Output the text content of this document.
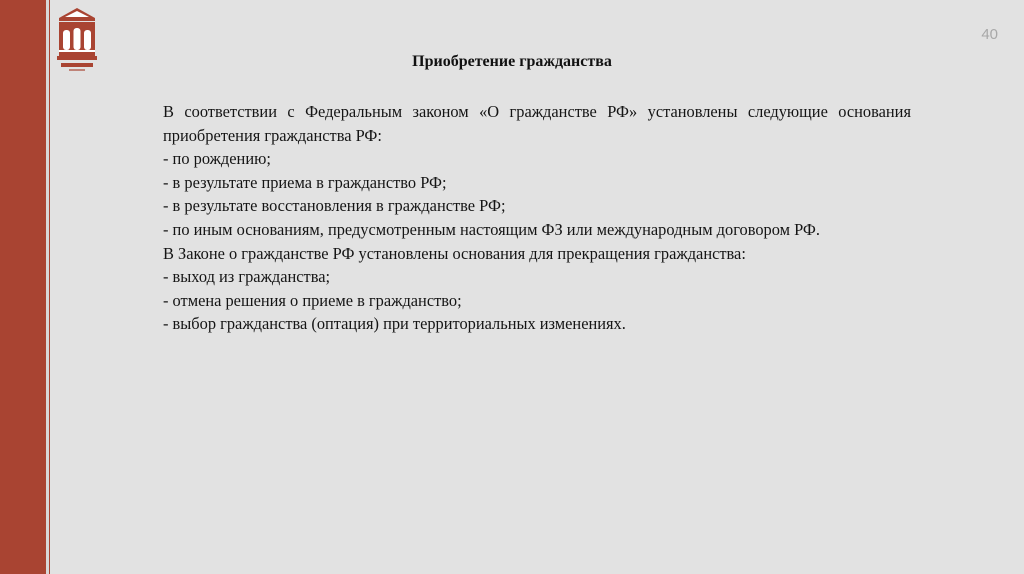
40
Приобретение гражданства

В соответствии с Федеральным законом «О гражданстве РФ» установлены следующие основания приобретения гражданства РФ:

- по рождению;

- в результате приема в гражданство РФ;

- в результате восстановления в гражданстве РФ;

- по иным основаниям, предусмотренным настоящим ФЗ или международным договором РФ.

В Законе о гражданстве РФ установлены основания для прекращения гражданства:

- выход из гражданства;

- отмена решения о приеме в гражданство;

- выбор гражданства (оптация) при территориальных изменениях.
